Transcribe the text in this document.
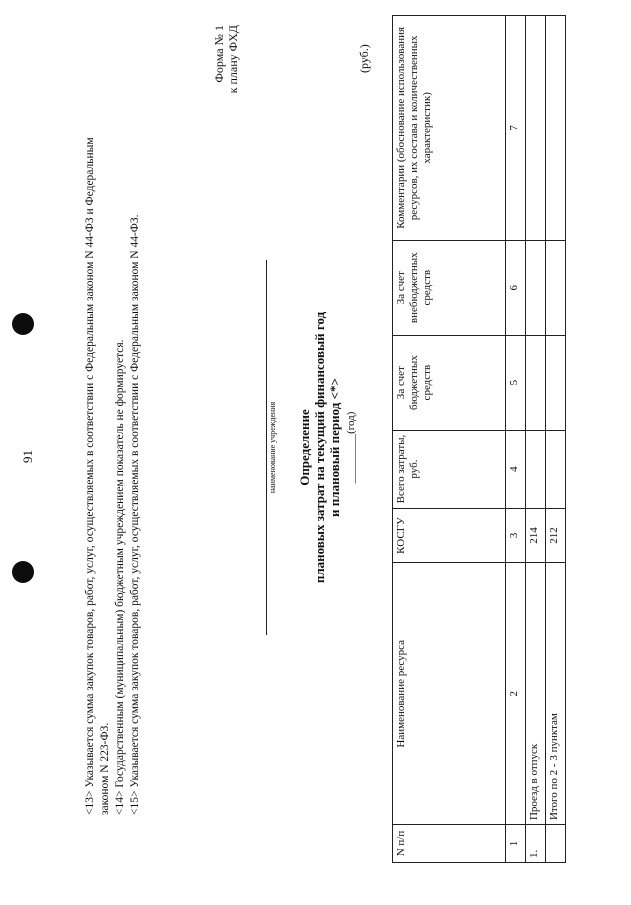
91	<13> Указывается сумма закупок товаров, работ, услуг, осуществляемых в соответствии с Федеральным законом N 44-ФЗ и Федеральным законом N 223-ФЗ. <14> Государственным (муниципальным) бюджетным учреждением показатель не формируется. <15> Указывается сумма закупок товаров, работ, услуг, осуществляемых в соответствии с Федеральным законом N 44-ФЗ.
Форма № 1 к плану ФХД
наименование учреждения Определение плановых затрат на текущий финансовый год и плановый период <*> _________(год)
(руб.)
N п/п	Наименование ресурса	КОСГУ	Всего затраты, руб.	За счет бюджетных средств	За счет внебюджетных средств	Комментарии (обоснование использования ресурсов, их состава и количественных характеристик)
1	2	3	4	5	6	7
1.	Проезд в отпуск	214				
	Итого по 2 - 3 пунктам	212				
